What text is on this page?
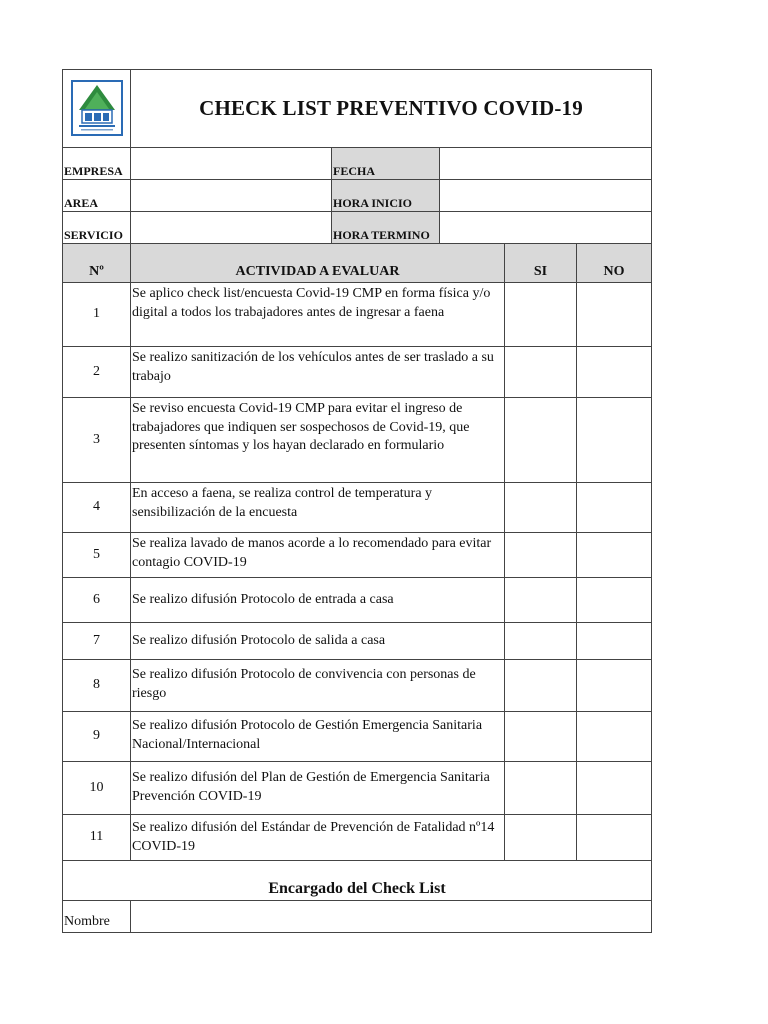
	CHECK LIST PREVENTIVO COVID-19				
EMPRESA		FECHA			
AREA		HORA INICIO			
SERVICIO		HORA TERMINO			
Nº	ACTIVIDAD A EVALUAR			SI	NO
1	Se aplico check list/encuesta Covid-19 CMP en forma física y/o digital a todos los trabajadores antes de ingresar a faena				
2	Se realizo sanitización de los vehículos antes de ser traslado a su trabajo				
3	Se reviso encuesta Covid-19 CMP para evitar el ingreso de trabajadores que indiquen ser sospechosos de Covid-19, que presenten síntomas y los hayan declarado en formulario				
4	En acceso a faena, se realiza control de temperatura y sensibilización de la encuesta				
5	Se realiza lavado de manos acorde a lo recomendado para evitar contagio COVID-19				
6	Se realizo difusión Protocolo de entrada a casa				
7	Se realizo difusión Protocolo de salida a casa				
8	Se realizo difusión Protocolo de convivencia con personas de riesgo				
9	Se realizo difusión Protocolo de Gestión Emergencia Sanitaria Nacional/Internacional				
10	Se realizo difusión del Plan de Gestión de Emergencia Sanitaria Prevención COVID-19				
11	Se realizo difusión del Estándar de Prevención de Fatalidad nº14 COVID-19				
Encargado del Check List					
Nombre					
